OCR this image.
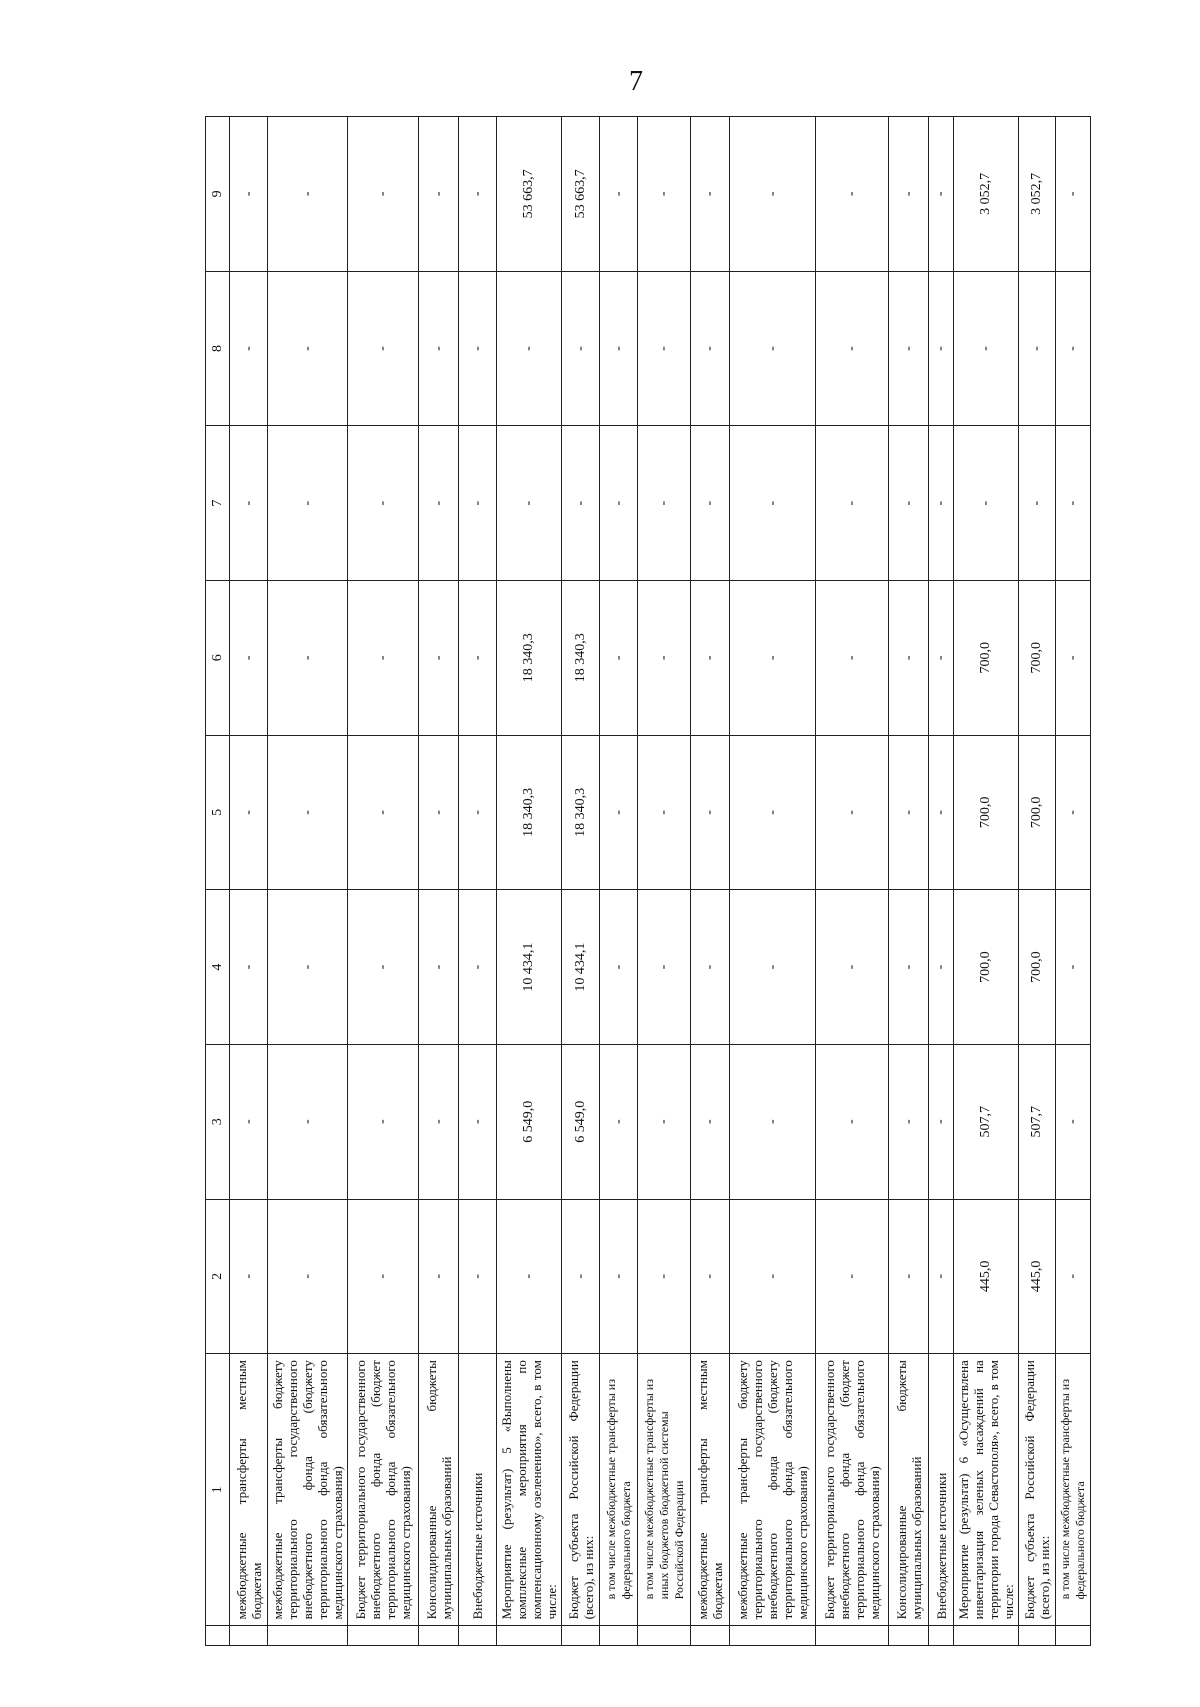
7
	1	2	3	4	5	6	7	8	9
	межбюджетные трансферты местным бюджетам	-	-	-	-	-	-	-	-
	межбюджетные трансферты бюджету территориального государственного внебюджетного фонда (бюджету территориального фонда обязательного медицинского страхования)	-	-	-	-	-	-	-	-
	Бюджет территориального государственного внебюджетного фонда (бюджет территориального фонда обязательного медицинского страхования)	-	-	-	-	-	-	-	-
	Консолидированные бюджеты муниципальных образований	-	-	-	-	-	-	-	-
	Внебюджетные источники	-	-	-	-	-	-	-	-
	Мероприятие (результат) 5 «Выполнены комплексные мероприятия по компенсационному озеленению», всего, в том числе:	-	6 549,0	10 434,1	18 340,3	18 340,3	-	-	53 663,7
	Бюджет субъекта Российской Федерации (всего), из них:	-	6 549,0	10 434,1	18 340,3	18 340,3	-	-	53 663,7
	в том числе межбюджетные трансферты из федерального бюджета	-	-	-	-	-	-	-	-
	в том числе межбюджетные трансферты из иных бюджетов бюджетной системы Российской Федерации	-	-	-	-	-	-	-	-
	межбюджетные трансферты местным бюджетам	-	-	-	-	-	-	-	-
	межбюджетные трансферты бюджету территориального государственного внебюджетного фонда (бюджету территориального фонда обязательного медицинского страхования)	-	-	-	-	-	-	-	-
	Бюджет территориального государственного внебюджетного фонда (бюджет территориального фонда обязательного медицинского страхования)	-	-	-	-	-	-	-	-
	Консолидированные бюджеты муниципальных образований	-	-	-	-	-	-	-	-
	Внебюджетные источники	-	-	-	-	-	-	-	-
	Мероприятие (результат) 6 «Осуществлена инвентаризация зеленых насаждений на территории города Севастополя», всего, в том числе:	445,0	507,7	700,0	700,0	700,0	-	-	3 052,7
	Бюджет субъекта Российской Федерации (всего), из них:	445,0	507,7	700,0	700,0	700,0	-	-	3 052,7
	в том числе межбюджетные трансферты из федерального бюджета	-	-	-	-	-	-	-	-
